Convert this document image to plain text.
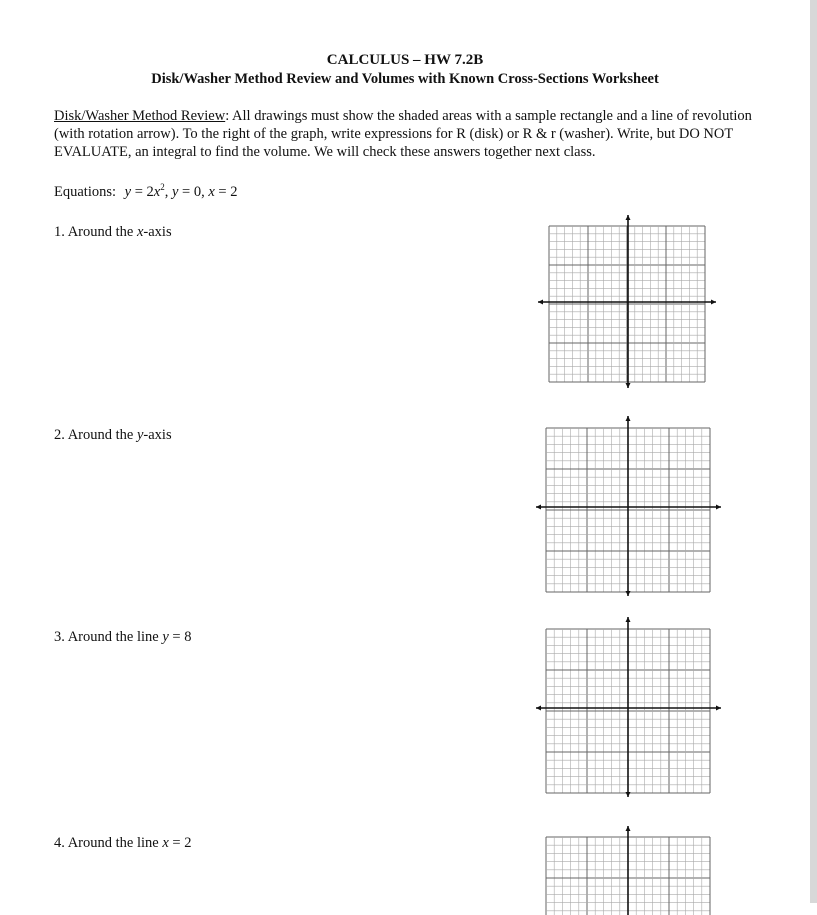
CALCULUS – HW 7.2B
Disk/Washer Method Review and Volumes with Known Cross-Sections Worksheet

Disk/Washer Method Review: All drawings must show the shaded areas with a sample rectangle and a line of revolution (with rotation arrow). To the right of the graph, write expressions for R (disk) or R & r (washer). Write, but DO NOT EVALUATE, an integral to find the volume. We will check these answers together next class.

Equations: $y = 2x^2$, y = 0, x = 2
1. Around the x-axis
2. Around the y-axis
3. Around the line y = 8
4. Around the line x = 2
